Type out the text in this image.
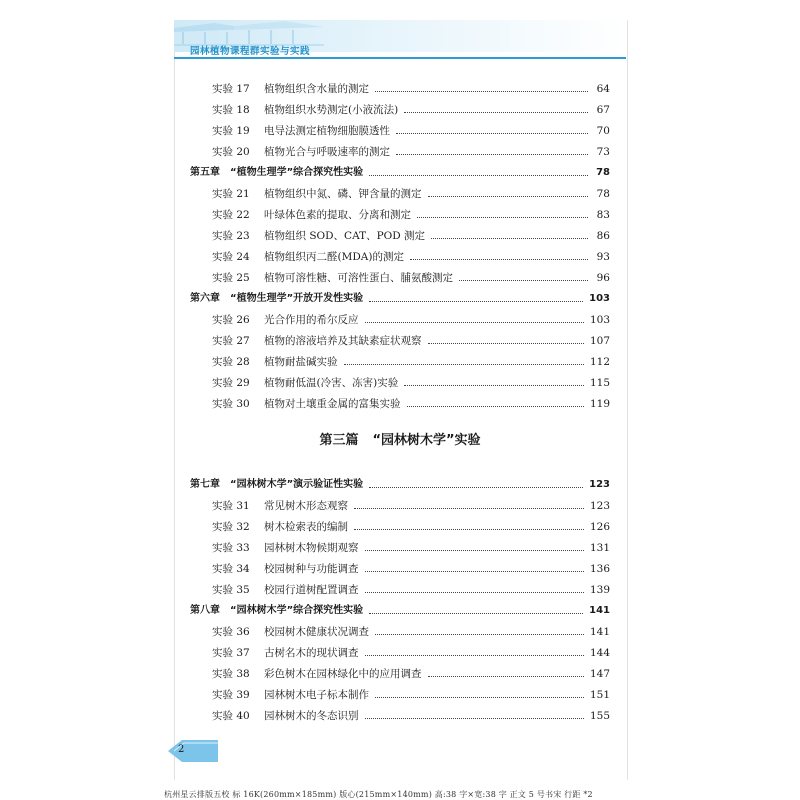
园林植物课程群实验与实践
实验 17	植物组织含水量的测定	64
实验 18	植物组织水势测定(小液流法)	67
实验 19	电导法测定植物细胞膜透性	70
实验 20	植物光合与呼吸速率的测定	73
第五章	“植物生理学”综合探究性实验	78
实验 21	植物组织中氮、磷、钾含量的测定	78
实验 22	叶绿体色素的提取、分离和测定	83
实验 23	植物组织 SOD、CAT、POD 测定	86
实验 24	植物组织丙二醛(MDA)的测定	93
实验 25	植物可溶性糖、可溶性蛋白、脯氨酸测定	96
第六章	“植物生理学”开放开发性实验	103
实验 26	光合作用的希尔反应	103
实验 27	植物的溶液培养及其缺素症状观察	107
实验 28	植物耐盐碱实验	112
实验 29	植物耐低温(冷害、冻害)实验	115
实验 30	植物对土壤重金属的富集实验	119
第三篇 “园林树木学”实验
第七章	“园林树木学”演示验证性实验	123
实验 31	常见树木形态观察	123
实验 32	树木检索表的编制	126
实验 33	园林树木物候期观察	131
实验 34	校园树种与功能调查	136
实验 35	校园行道树配置调查	139
第八章	“园林树木学”综合探究性实验	141
实验 36	校园树木健康状况调查	141
实验 37	古树名木的现状调查	144
实验 38	彩色树木在园林绿化中的应用调查	147
实验 39	园林树木电子标本制作	151
实验 40	园林树木的冬态识别	155
2
杭州星云排版五校 标 16K(260mm×185mm) 版心(215mm×140mm) 高:38 字×宽:38 字 正文 5 号书宋 行距 *2
